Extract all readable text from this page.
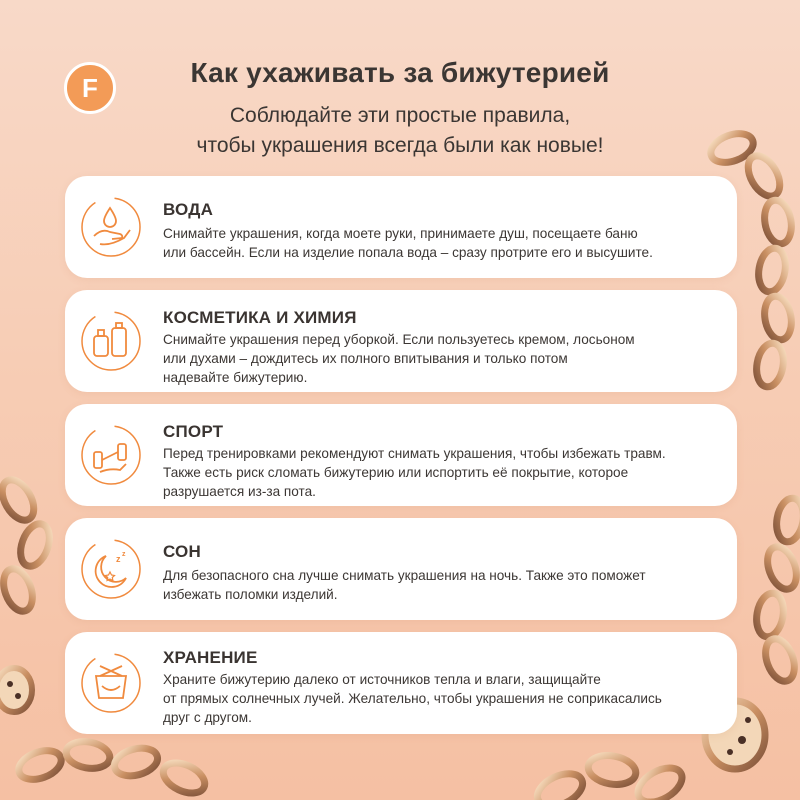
F	Как ухаживать за бижутерией
Соблюдайте эти простые правила,
чтобы украшения всегда были как новые!
ВОДА
Снимайте украшения, когда моете руки, принимаете душ, посещаете баню
или бассейн. Если на изделие попала вода – сразу протрите его и высушите.
КОСМЕТИКА И ХИМИЯ
Снимайте украшения перед уборкой. Если пользуетесь кремом, лосьоном
или духами – дождитесь их полного впитывания и только потом
надевайте бижутерию.
СПОРТ
Перед тренировками рекомендуют снимать украшения, чтобы избежать травм.
Также есть риск сломать бижутерию или испортить её покрытие, которое
разрушается из-за пота.
z z СОН
Для безопасного сна лучше снимать украшения на ночь. Также это поможет
избежать поломки изделий.
ХРАНЕНИЕ
Храните бижутерию далеко от источников тепла и влаги, защищайте
от прямых солнечных лучей. Желательно, чтобы украшения не соприкасались
друг с другом.
